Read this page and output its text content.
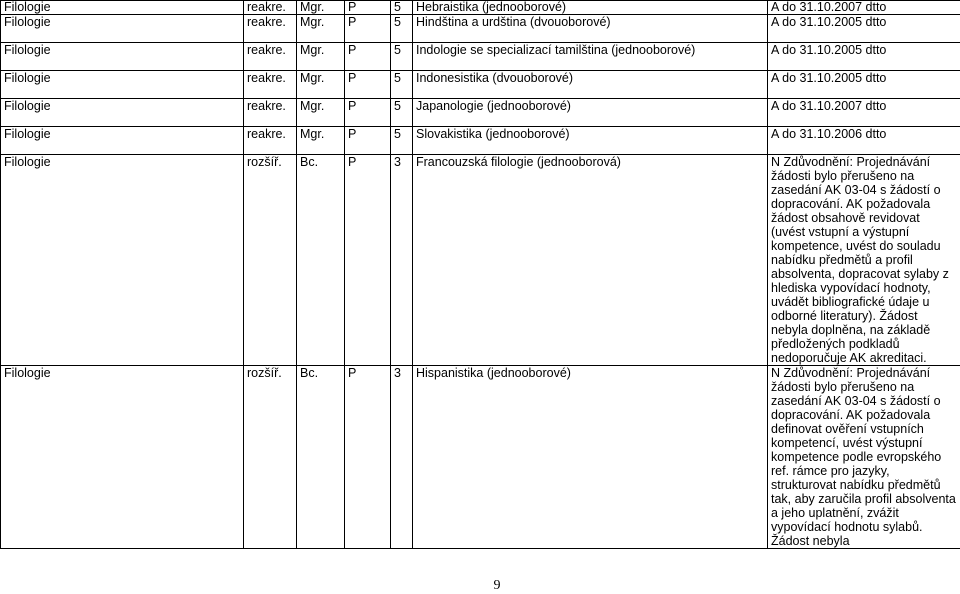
Filologie	reakre.	Mgr.	P	5	Hebraistika (jednooborové)	A do 31.10.2007 dtto

Filologie	reakre.	Mgr.	P	5	Hindština a urdština (dvouoborové)	A do 31.10.2005 dtto

Filologie	reakre.	Mgr.	P	5	Indologie se specializací tamilština (jednooborové)	A do 31.10.2005 dtto

Filologie	reakre.	Mgr.	P	5	Indonesistika (dvouoborové)	A do 31.10.2005 dtto

Filologie	reakre.	Mgr.	P	5	Japanologie (jednooborové)	A do 31.10.2007 dtto

Filologie	reakre.	Mgr.	P	5	Slovakistika (jednooborové)	A do 31.10.2006 dtto

Filologie	rozšíř.	Bc.	P	3	Francouzská filologie (jednooborová)	N Zdůvodnění: Projednávání žádosti bylo přerušeno na zasedání AK 03-04 s žádostí o dopracování. AK požadovala žádost obsahově revidovat (uvést vstupní a výstupní kompetence, uvést do souladu nabídku předmětů a profil absolventa, dopracovat sylaby z hlediska vypovídací hodnoty, uvádět bibliografické údaje u odborné literatury). Žádost nebyla doplněna, na základě předložených podkladů nedoporučuje AK akreditaci.

Filologie	rozšíř.	Bc.	P	3	Hispanistika (jednooborové)	N Zdůvodnění: Projednávání žádosti bylo přerušeno na zasedání AK 03-04 s žádostí o dopracování. AK požadovala definovat ověření vstupních kompetencí, uvést výstupní kompetence podle evropského ref. rámce pro jazyky, strukturovat nabídku předmětů tak, aby zaručila profil absolventa a jeho uplatnění, zvážit vypovídací hodnotu sylabů. Žádost nebyla
9
